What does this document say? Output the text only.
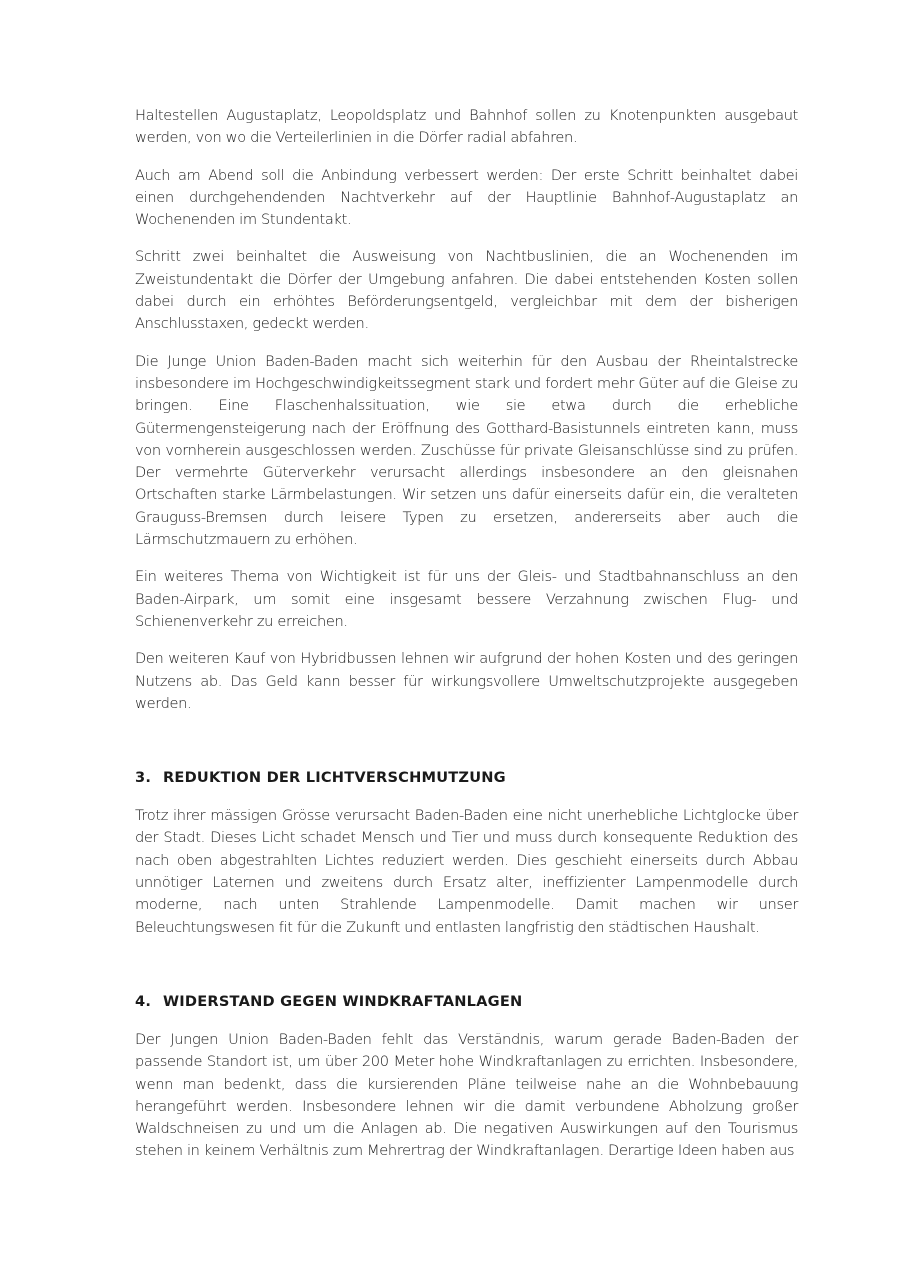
Haltestellen Augustaplatz, Leopoldsplatz und Bahnhof sollen zu Knotenpunkten ausgebaut werden, von wo die Verteilerlinien in die Dörfer radial abfahren.

Auch am Abend soll die Anbindung verbessert werden: Der erste Schritt beinhaltet dabei einen durchgehendenden Nachtverkehr auf der Hauptlinie Bahnhof-Augustaplatz an Wochenenden im Stundentakt.

Schritt zwei beinhaltet die Ausweisung von Nachtbuslinien, die an Wochenenden im Zweistundentakt die Dörfer der Umgebung anfahren. Die dabei entstehenden Kosten sollen dabei durch ein erhöhtes Beförderungsentgeld, vergleichbar mit dem der bisherigen Anschlusstaxen, gedeckt werden.

Die Junge Union Baden-Baden macht sich weiterhin für den Ausbau der Rheintalstrecke insbesondere im Hochgeschwindigkeitssegment stark und fordert mehr Güter auf die Gleise zu bringen. Eine Flaschenhalssituation, wie sie etwa durch die erhebliche Gütermengensteigerung nach der Eröffnung des Gotthard-Basistunnels eintreten kann, muss von vornherein ausgeschlossen werden. Zuschüsse für private Gleisanschlüsse sind zu prüfen. Der vermehrte Güterverkehr verursacht allerdings insbesondere an den gleisnahen Ortschaften starke Lärmbelastungen. Wir setzen uns dafür einerseits dafür ein, die veralteten Grauguss-Bremsen durch leisere Typen zu ersetzen, andererseits aber auch die Lärmschutzmauern zu erhöhen.

Ein weiteres Thema von Wichtigkeit ist für uns der Gleis- und Stadtbahnanschluss an den Baden-Airpark, um somit eine insgesamt bessere Verzahnung zwischen Flug- und Schienenverkehr zu erreichen.

Den weiteren Kauf von Hybridbussen lehnen wir aufgrund der hohen Kosten und des geringen Nutzens ab. Das Geld kann besser für wirkungsvollere Umweltschutzprojekte ausgegeben werden.

3. REDUKTION DER LICHTVERSCHMUTZUNG

Trotz ihrer mässigen Grösse verursacht Baden-Baden eine nicht unerhebliche Lichtglocke über der Stadt. Dieses Licht schadet Mensch und Tier und muss durch konsequente Reduktion des nach oben abgestrahlten Lichtes reduziert werden. Dies geschieht einerseits durch Abbau unnötiger Laternen und zweitens durch Ersatz alter, ineffizienter Lampenmodelle durch moderne, nach unten Strahlende Lampenmodelle. Damit machen wir unser Beleuchtungswesen fit für die Zukunft und entlasten langfristig den städtischen Haushalt.

4. WIDERSTAND GEGEN WINDKRAFTANLAGEN

Der Jungen Union Baden-Baden fehlt das Verständnis, warum gerade Baden-Baden der passende Standort ist, um über 200 Meter hohe Windkraftanlagen zu errichten. Insbesondere, wenn man bedenkt, dass die kursierenden Pläne teilweise nahe an die Wohnbebauung herangeführt werden. Insbesondere lehnen wir die damit verbundene Abholzung großer Waldschneisen zu und um die Anlagen ab. Die negativen Auswirkungen auf den Tourismus stehen in keinem Verhältnis zum Mehrertrag der Windkraftanlagen. Derartige Ideen haben aus
